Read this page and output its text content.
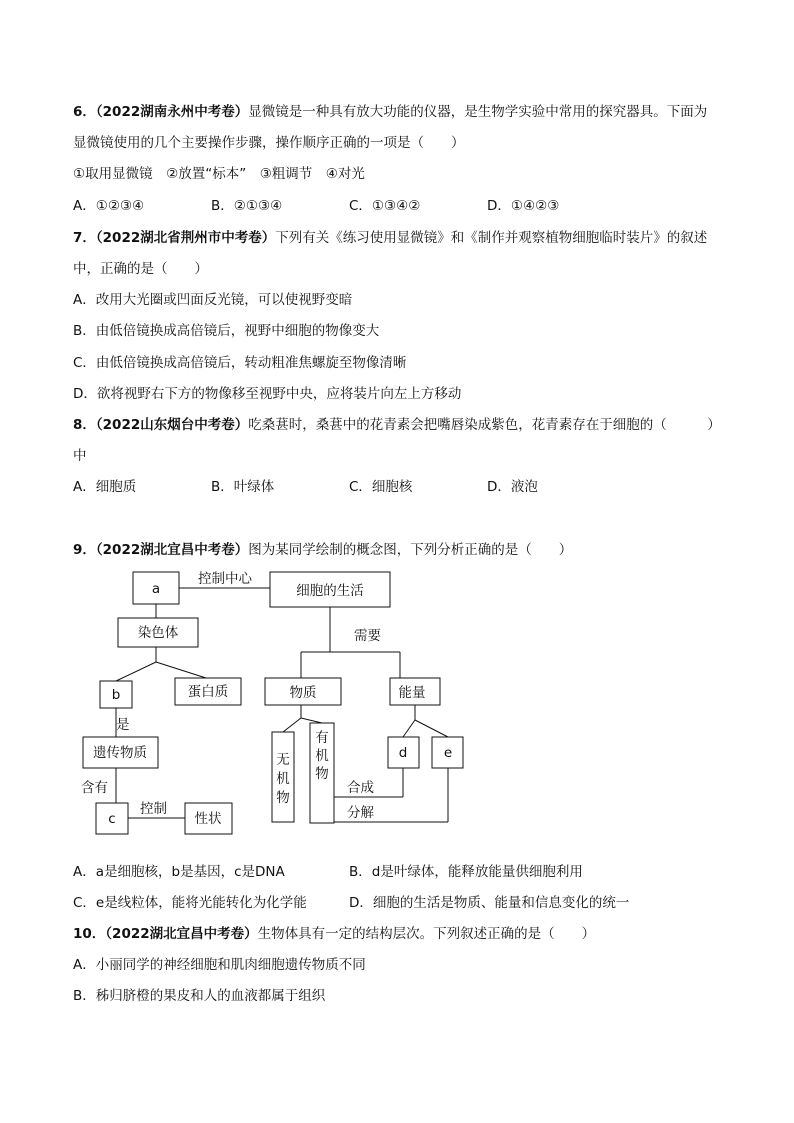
6．（2022湖南永州中考卷）显微镜是一种具有放大功能的仪器，是生物学实验中常用的探究器具。下面为
显微镜使用的几个主要操作步骤，操作顺序正确的一项是（　　）
①取用显微镜　②放置“标本”　③粗调节　④对光
A．①②③④	B．②①③④	C．①③④②	D．①④②③
7．（2022湖北省荆州市中考卷）下列有关《练习使用显微镜》和《制作并观察植物细胞临时装片》的叙述
中，正确的是（　　）
A．改用大光圈或凹面反光镜，可以使视野变暗
B．由低倍镜换成高倍镜后，视野中细胞的物像变大
C．由低倍镜换成高倍镜后，转动粗准焦螺旋至物像清晰
D．欲将视野右下方的物像移至视野中央，应将装片向左上方移动
8．（2022山东烟台中考卷）吃桑葚时，桑葚中的花青素会把嘴唇染成紫色，花青素存在于细胞的（　　　）
中
A．细胞质	B．叶绿体	C．细胞核	D．液泡
9．（2022湖北宜昌中考卷）图为某同学绘制的概念图，下列分析正确的是（　　）
a
控制中心
细胞的生活
染色体	需要
b	蛋白质	物质	能量
是
遗传物质	无
机
物
有
机
物
d	e
含有	合成
c
控制
性状	分解
A．a是细胞核，b是基因，c是DNA	B．d是叶绿体，能释放能量供细胞利用
C．e是线粒体，能将光能转化为化学能	D．细胞的生活是物质、能量和信息变化的统一
10．（2022湖北宜昌中考卷）生物体具有一定的结构层次。下列叙述正确的是（　　）
A．小丽同学的神经细胞和肌肉细胞遗传物质不同
B．秭归脐橙的果皮和人的血液都属于组织
